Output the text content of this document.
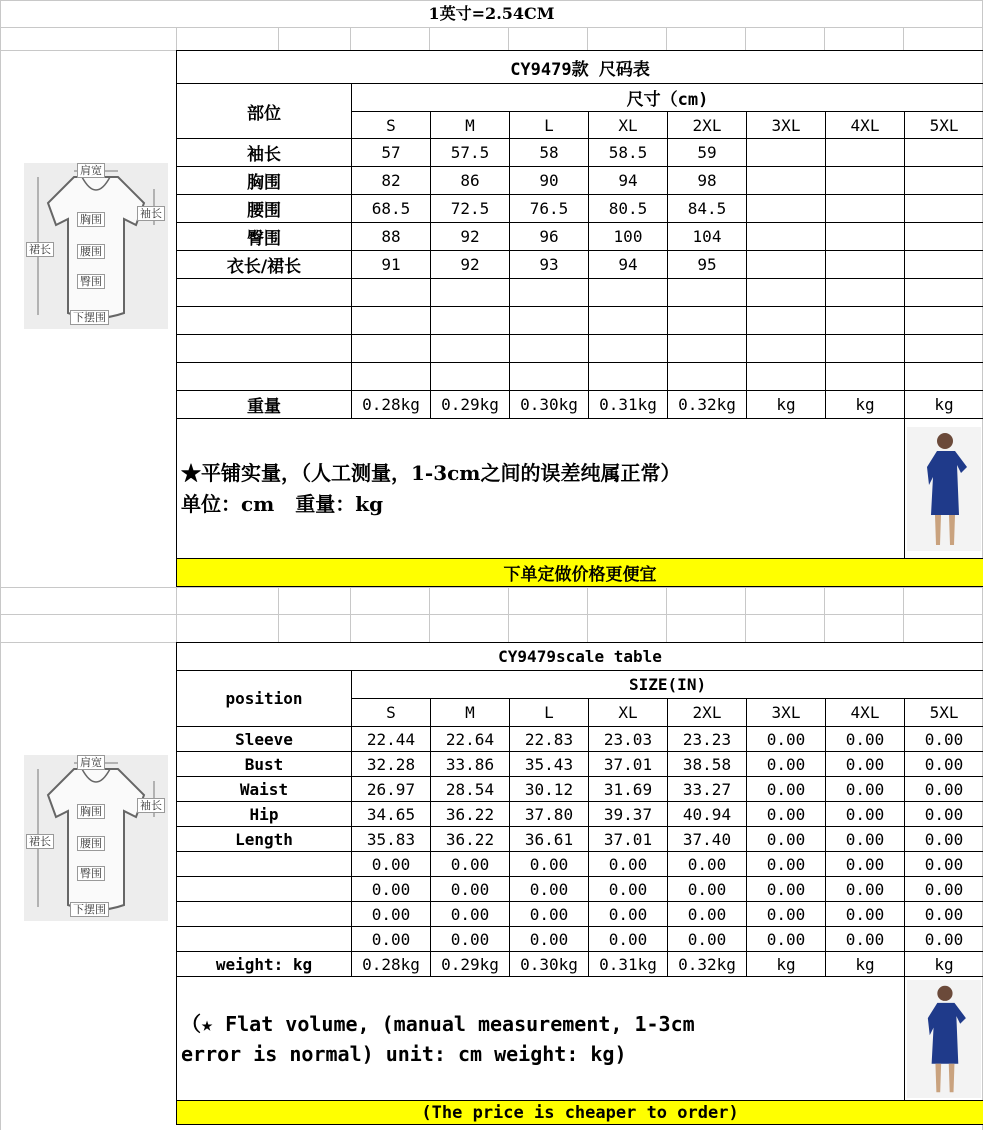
1英寸=2.54CM
肩宽
袖长
胸围
裙长	腰围
臀围
下摆围
CY9479款 尺码表								
部位	尺寸（cm)							
	S	M	L	XL	2XL	3XL	4XL	5XL
袖长	57	57.5	58	58.5	59			
胸围	82	86	90	94	98			
腰围	68.5	72.5	76.5	80.5	84.5			
臀围	88	92	96	100	104			
衣长/裙长	91	92	93	94	95			

重量	0.28kg	0.29kg	0.30kg	0.31kg	0.32kg	kg	kg	kg

★平铺实量，（人工测量，1-3cm之间的误差纯属正常）
单位：cm   重量：kg

下单定做价格更便宜								
肩宽
袖长
胸围
裙长	腰围
臀围
下摆围
CY9479scale table								
position	SIZE(IN)							
	S	M	L	XL	2XL	3XL	4XL	5XL
Sleeve	22.44	22.64	22.83	23.03	23.23	0.00	0.00	0.00
Bust	32.28	33.86	35.43	37.01	38.58	0.00	0.00	0.00
Waist	26.97	28.54	30.12	31.69	33.27	0.00	0.00	0.00
Hip	34.65	36.22	37.80	39.37	40.94	0.00	0.00	0.00
Length	35.83	36.22	36.61	37.01	37.40	0.00	0.00	0.00
	0.00	0.00	0.00	0.00	0.00	0.00	0.00	0.00
	0.00	0.00	0.00	0.00	0.00	0.00	0.00	0.00
	0.00	0.00	0.00	0.00	0.00	0.00	0.00	0.00
	0.00	0.00	0.00	0.00	0.00	0.00	0.00	0.00
weight: kg	0.28kg	0.29kg	0.30kg	0.31kg	0.32kg	kg	kg	kg

（★ Flat volume, (manual measurement, 1-3cm
error is normal) unit: cm weight: kg)

(The price is cheaper to order)								
